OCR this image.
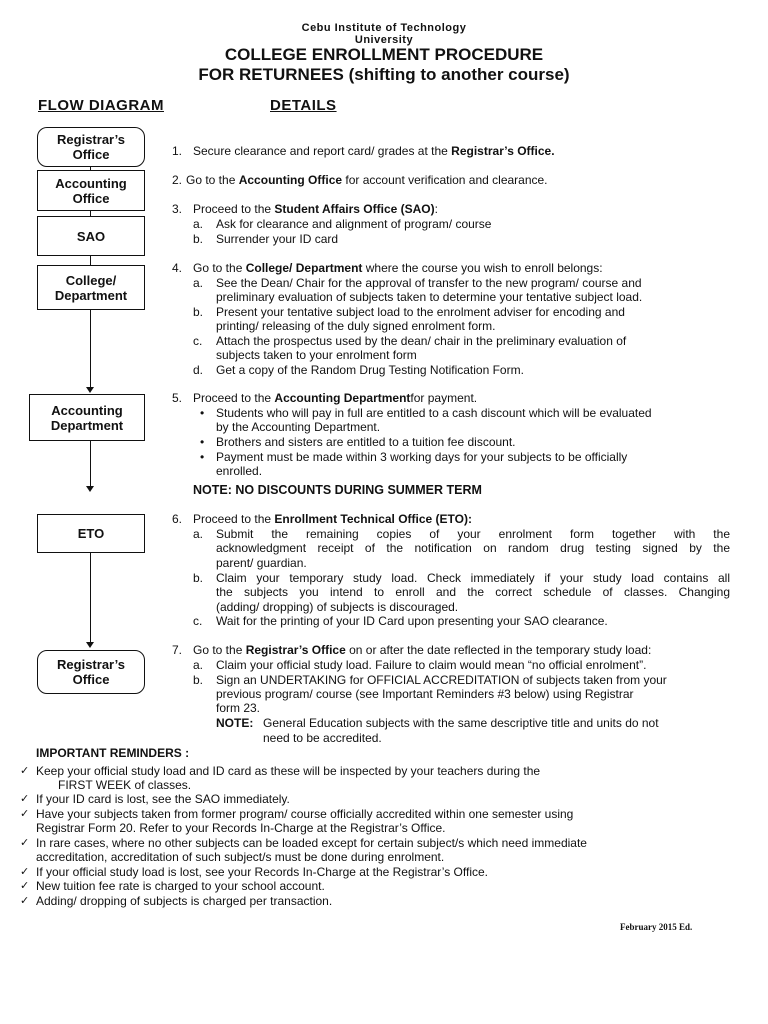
Cebu Institute of Technology
University
COLLEGE ENROLLMENT PROCEDURE
FOR RETURNEES (shifting to another course)
FLOW DIAGRAM	DETAILS
Registrar’s Office
Accounting Office
SAO
College/ Department
Accounting Department
ETO
Registrar’s Office
1. Secure clearance and report card/ grades at the Registrar’s Office.
2. Go to the Accounting Office for account verification and clearance.
3. Proceed to the Student Affairs Office (SAO):
a. Ask for clearance and alignment of program/ course
b. Surrender your ID card
4. Go to the College/ Department where the course you wish to enroll belongs:
a. See the Dean/ Chair for the approval of transfer to the new program/ course and
preliminary evaluation of subjects taken to determine your tentative subject load.
b. Present your tentative subject load to the enrolment adviser for encoding and
printing/ releasing of the duly signed enrolment form.
c. Attach the prospectus used by the dean/ chair in the preliminary evaluation of
subjects taken to your enrolment form
d. Get a copy of the Random Drug Testing Notification Form.
5. Proceed to the Accounting Departmentfor payment.
• Students who will pay in full are entitled to a cash discount which will be evaluated
by the Accounting Department.
• Brothers and sisters are entitled to a tuition fee discount.
• Payment must be made within 3 working days for your subjects to be officially
enrolled.
NOTE: NO DISCOUNTS DURING SUMMER TERM
6. Proceed to the Enrollment Technical Office (ETO):
a. Submit the remaining copies of your enrolment form together with the
acknowledgment receipt of the notification on random drug testing signed by the
parent/ guardian.
b. Claim your temporary study load. Check immediately if your study load contains all
the subjects you intend to enroll and the correct schedule of classes. Changing
(adding/ dropping) of subjects is discouraged.
c. Wait for the printing of your ID Card upon presenting your SAO clearance.
7. Go to the Registrar’s Office on or after the date reflected in the temporary study load:
a. Claim your official study load. Failure to claim would mean “no official enrolment”.
b. Sign an UNDERTAKING for OFFICIAL ACCREDITATION of subjects taken from your
previous program/ course (see Important Reminders #3 below) using Registrar
form 23.
NOTE: General Education subjects with the same descriptive title and units do not
need to be accredited.
IMPORTANT REMINDERS :
✓ Keep your official study load and ID card as these will be inspected by your teachers during the
FIRST WEEK of classes.
✓ If your ID card is lost, see the SAO immediately.
✓ Have your subjects taken from former program/ course officially accredited within one semester using
Registrar Form 20. Refer to your Records In-Charge at the Registrar’s Office.
✓ In rare cases, where no other subjects can be loaded except for certain subject/s which need immediate
accreditation, accreditation of such subject/s must be done during enrolment.
✓ If your official study load is lost, see your Records In-Charge at the Registrar’s Office.
✓ New tuition fee rate is charged to your school account.
✓ Adding/ dropping of subjects is charged per transaction.
February 2015 Ed.
